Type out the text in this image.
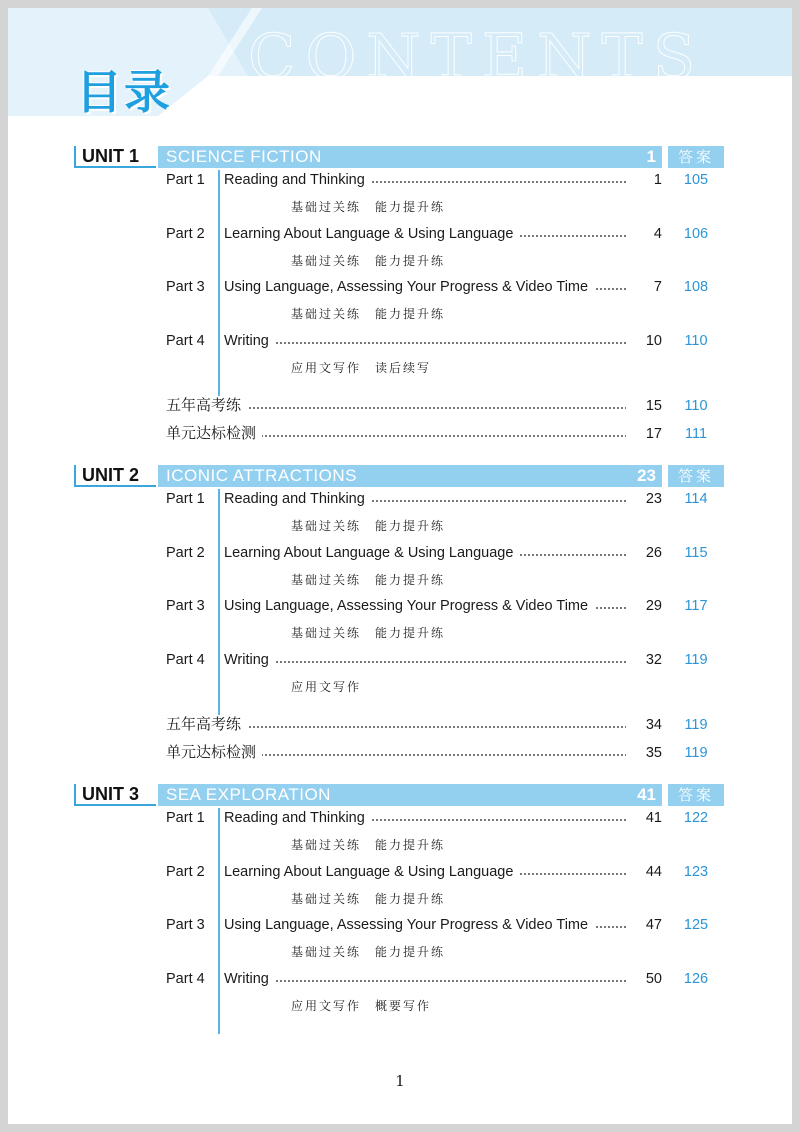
CONTENTS
目录
UNIT 1	SCIENCE FICTION	1	答案
Part 1 Reading and Thinking	1	105
基础过关练 能力提升练
Part 2 Learning About Language & Using Language	4	106
基础过关练 能力提升练
Part 3 Using Language, Assessing Your Progress & Video Time	7	108
基础过关练 能力提升练
Part 4 Writing	10	110
应用文写作 读后续写
五年高考练	15	110
单元达标检测	17	111
UNIT 2	ICONIC ATTRACTIONS	23	答案
Part 1 Reading and Thinking	23	114
基础过关练 能力提升练
Part 2 Learning About Language & Using Language	26	115
基础过关练 能力提升练
Part 3 Using Language, Assessing Your Progress & Video Time	29	117
基础过关练 能力提升练
Part 4 Writing	32	119
应用文写作
五年高考练	34	119
单元达标检测	35	119
UNIT 3	SEA EXPLORATION	41	答案
Part 1 Reading and Thinking	41	122
基础过关练 能力提升练
Part 2 Learning About Language & Using Language	44	123
基础过关练 能力提升练
Part 3 Using Language, Assessing Your Progress & Video Time	47	125
基础过关练 能力提升练
Part 4 Writing	50	126
应用文写作 概要写作
1
